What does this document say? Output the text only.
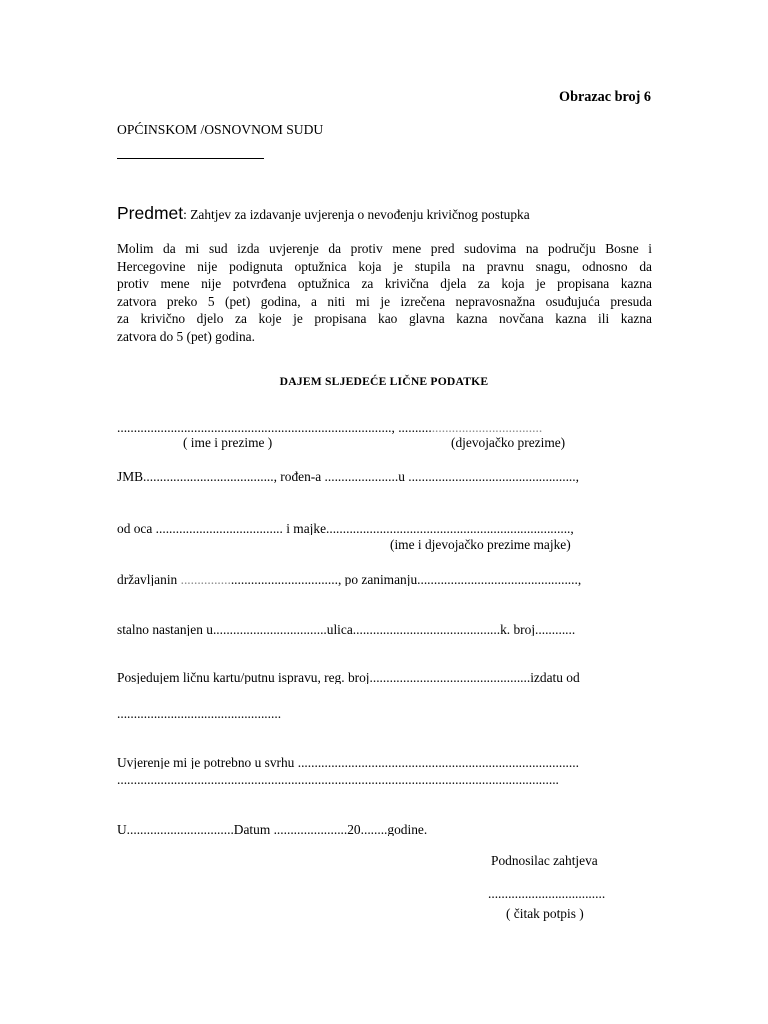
Obrazac broj 6
OPĆINSKOM /OSNOVNOM SUDU
Predmet: Zahtjev za izdavanje uvjerenja o nevođenju krivičnog postupka
Molim da mi sud izda uvjerenje da protiv mene pred sudovima na području Bosne i
Hercegovine nije podignuta optužnica koja je stupila na pravnu snagu, odnosno da
protiv mene nije potvrđena optužnica za krivična djela za koja je propisana kazna
zatvora preko 5 (pet) godina, a niti mi je izrečena nepravosnažna osuđujuća presuda
za krivično djelo za koje je propisana kao glavna kazna novčana kazna ili kazna
zatvora do 5 (pet) godina.
DAJEM SLJEDEĆE LIČNE PODATKE
.................................................................................., ...........................................
( ime i prezime )	(djevojačko prezime)
JMB......................................., rođen-a ......................u ..................................................,
od oca ...................................... i majke.........................................................................,
(ime i djevojačko prezime majke)
državljanin ..............................................., po zanimanju................................................,
stalno nastanjen u..................................ulica............................................k. broj............
Posjedujem ličnu kartu/putnu ispravu, reg. broj................................................izdatu od
.................................................
Uvjerenje mi je potrebno u svrhu ....................................................................................
....................................................................................................................................
U................................Datum ......................20........godine.
Podnosilac zahtjeva
...................................
( čitak potpis )
